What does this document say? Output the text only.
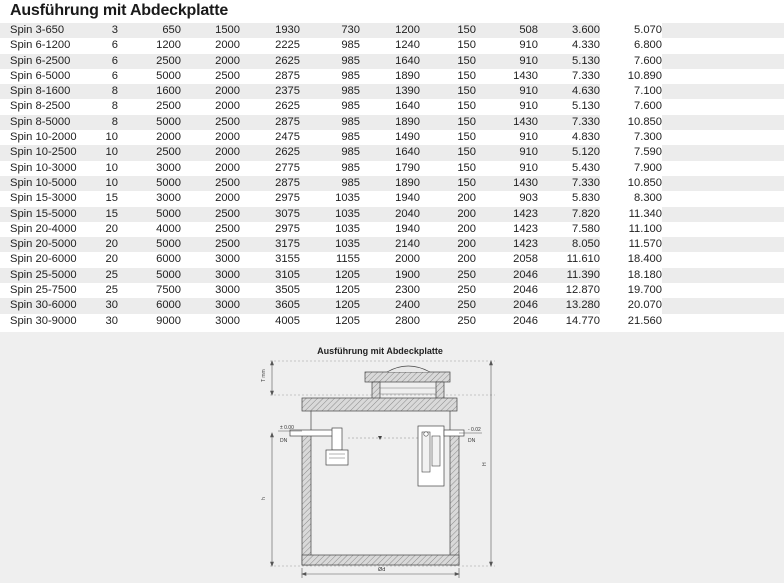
Ausführung mit Abdeckplatte
Spin 3-650	3	650	1500	1930	730	1200	150	508	3.600	5.070	
Spin 6-1200	6	1200	2000	2225	985	1240	150	910	4.330	6.800	
Spin 6-2500	6	2500	2000	2625	985	1640	150	910	5.130	7.600	
Spin 6-5000	6	5000	2500	2875	985	1890	150	1430	7.330	10.890	
Spin 8-1600	8	1600	2000	2375	985	1390	150	910	4.630	7.100	
Spin 8-2500	8	2500	2000	2625	985	1640	150	910	5.130	7.600	
Spin 8-5000	8	5000	2500	2875	985	1890	150	1430	7.330	10.850	
Spin 10-2000	10	2000	2000	2475	985	1490	150	910	4.830	7.300	
Spin 10-2500	10	2500	2000	2625	985	1640	150	910	5.120	7.590	
Spin 10-3000	10	3000	2000	2775	985	1790	150	910	5.430	7.900	
Spin 10-5000	10	5000	2500	2875	985	1890	150	1430	7.330	10.850	
Spin 15-3000	15	3000	2000	2975	1035	1940	200	903	5.830	8.300	
Spin 15-5000	15	5000	2500	3075	1035	2040	200	1423	7.820	11.340	
Spin 20-4000	20	4000	2500	2975	1035	1940	200	1423	7.580	11.100	
Spin 20-5000	20	5000	2500	3175	1035	2140	200	1423	8.050	11.570	
Spin 20-6000	20	6000	3000	3155	1155	2000	200	2058	11.610	18.400	
Spin 25-5000	25	5000	3000	3105	1205	1900	250	2046	11.390	18.180	
Spin 25-7500	25	7500	3000	3505	1205	2300	250	2046	12.870	19.700	
Spin 30-6000	30	6000	3000	3605	1205	2400	250	2046	13.280	20.070	
Spin 30-9000	30	9000	3000	4005	1205	2800	250	2046	14.770	21.560	
Ausführung mit Abdeckplatte
T mm
h
H
± 0.00
DN
- 0.02
DN
Ød
